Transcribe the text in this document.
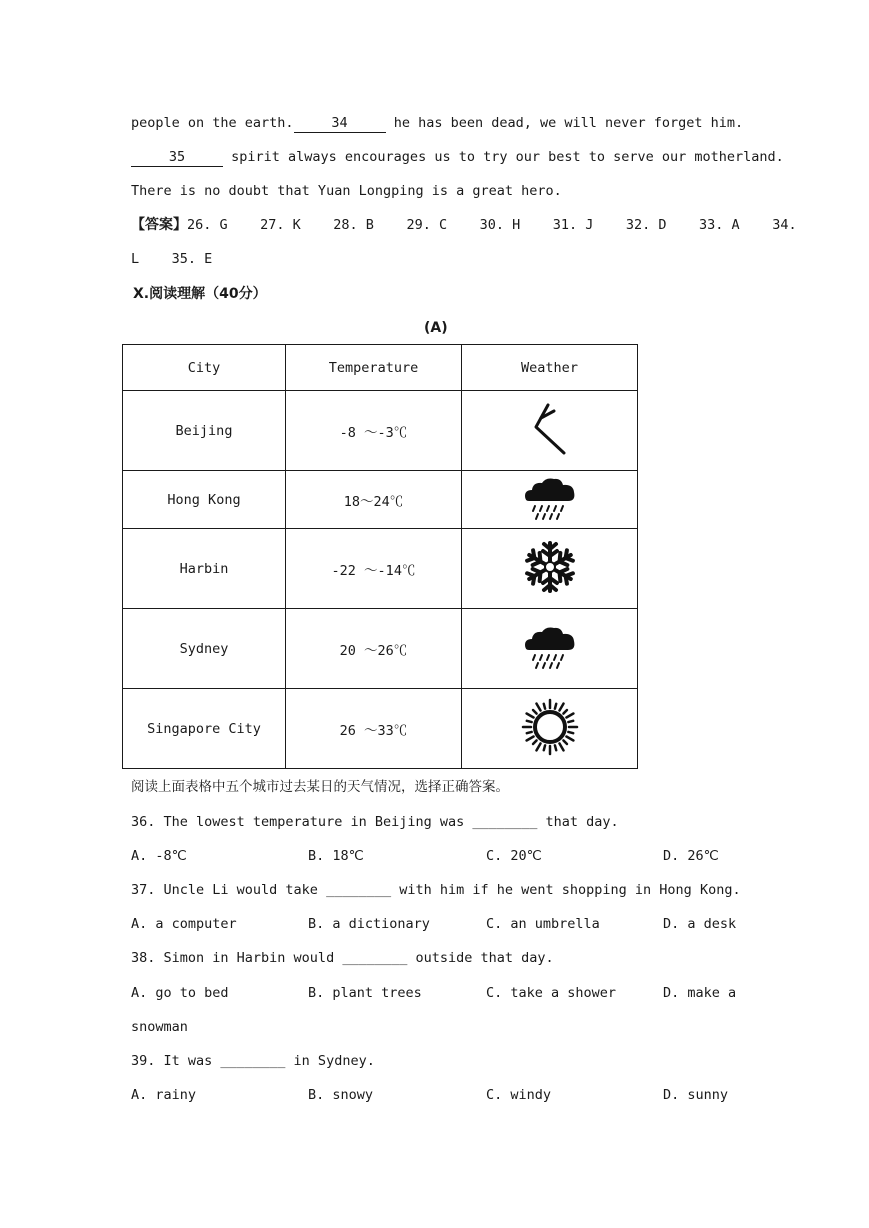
people on the earth.	34	he has been dead, we will never forget him.
35	spirit always encourages us to try our best to serve our motherland.
There is no doubt that Yuan Longping is a great hero.
【答案】26. G    27. K    28. B    29. C    30. H    31. J    32. D    33. A    34.
L    35. E
X.阅读理解（40分）
(A)
City	Temperature	Weather
Beijing	-8 ～-3℃	
Hong Kong	18～24℃	
Harbin	-22 ～-14℃	
Sydney	20 ～26℃	
Singapore City	26 ～33℃	
阅读上面表格中五个城市过去某日的天气情况，选择正确答案。
36. The lowest temperature in Beijing was ________ that day.
A. -8℃	B. 18℃	C. 20℃	D. 26℃
37. Uncle Li would take ________ with him if he went shopping in Hong Kong.
A. a computer	B. a dictionary	C. an umbrella	D. a desk
38. Simon in Harbin would ________ outside that day.
A. go to bed	B. plant trees	C. take a shower	D. make a
snowman
39. It was ________ in Sydney.
A. rainy	B. snowy	C. windy	D. sunny
